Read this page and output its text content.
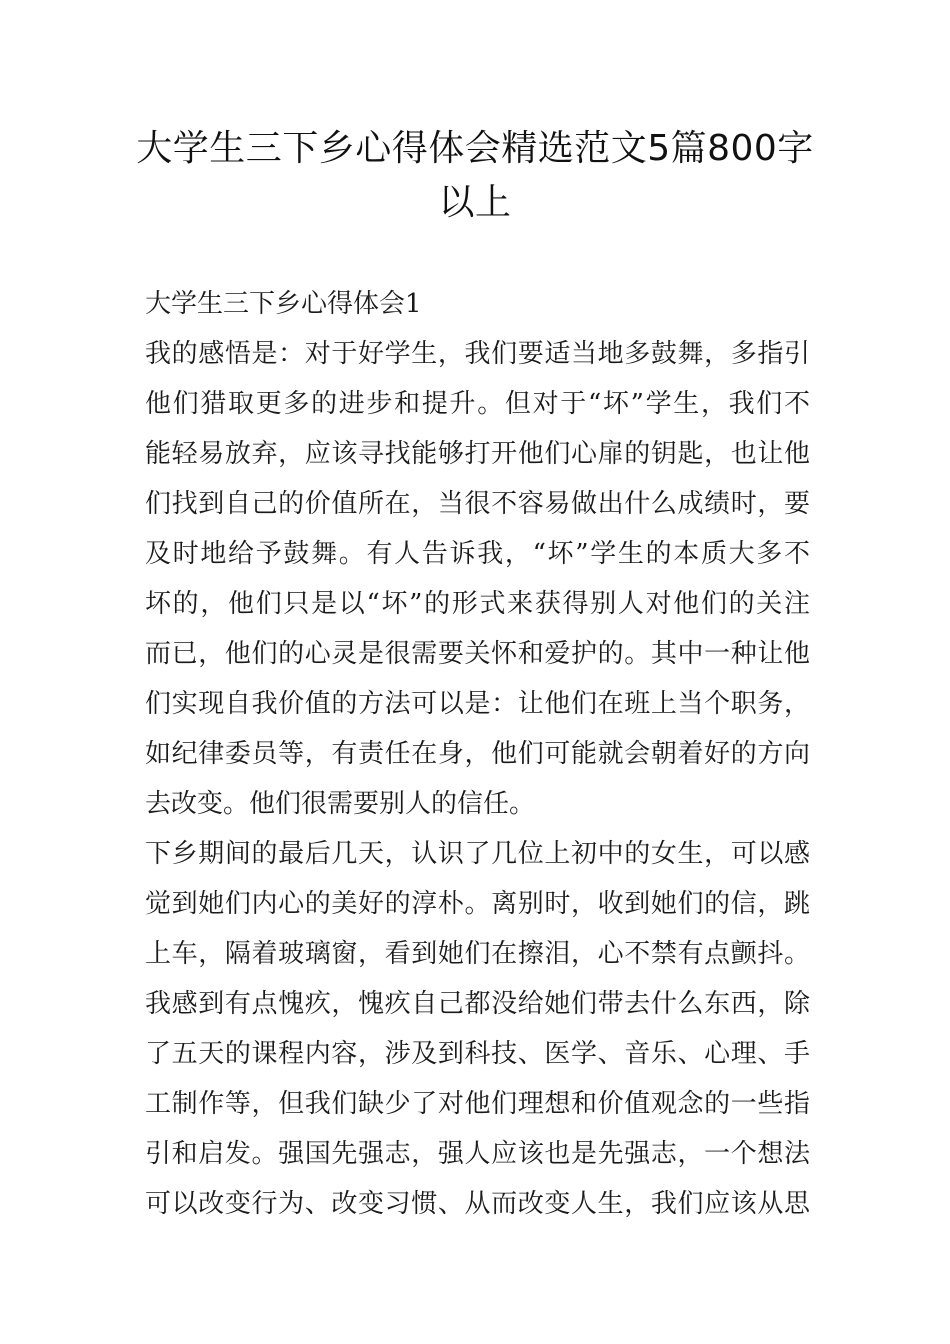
大学生三下乡心得体会精选范文5篇800字
以上
大学生三下乡心得体会1
我的感悟是：对于好学生，我们要适当地多鼓舞，多指引
他们猎取更多的进步和提升。但对于“坏”学生，我们不
能轻易放弃，应该寻找能够打开他们心扉的钥匙，也让他
们找到自己的价值所在，当很不容易做出什么成绩时，要
及时地给予鼓舞。有人告诉我，“坏”学生的本质大多不
坏的，他们只是以“坏”的形式来获得别人对他们的关注
而已，他们的心灵是很需要关怀和爱护的。其中一种让他
们实现自我价值的方法可以是：让他们在班上当个职务，
如纪律委员等，有责任在身，他们可能就会朝着好的方向
去改变。他们很需要别人的信任。
下乡期间的最后几天，认识了几位上初中的女生，可以感
觉到她们内心的美好的淳朴。离别时，收到她们的信，跳
上车，隔着玻璃窗，看到她们在擦泪，心不禁有点颤抖。
我感到有点愧疚，愧疚自己都没给她们带去什么东西，除
了五天的课程内容，涉及到科技、医学、音乐、心理、手
工制作等，但我们缺少了对他们理想和价值观念的一些指
引和启发。强国先强志，强人应该也是先强志，一个想法
可以改变行为、改变习惯、从而改变人生，我们应该从思
